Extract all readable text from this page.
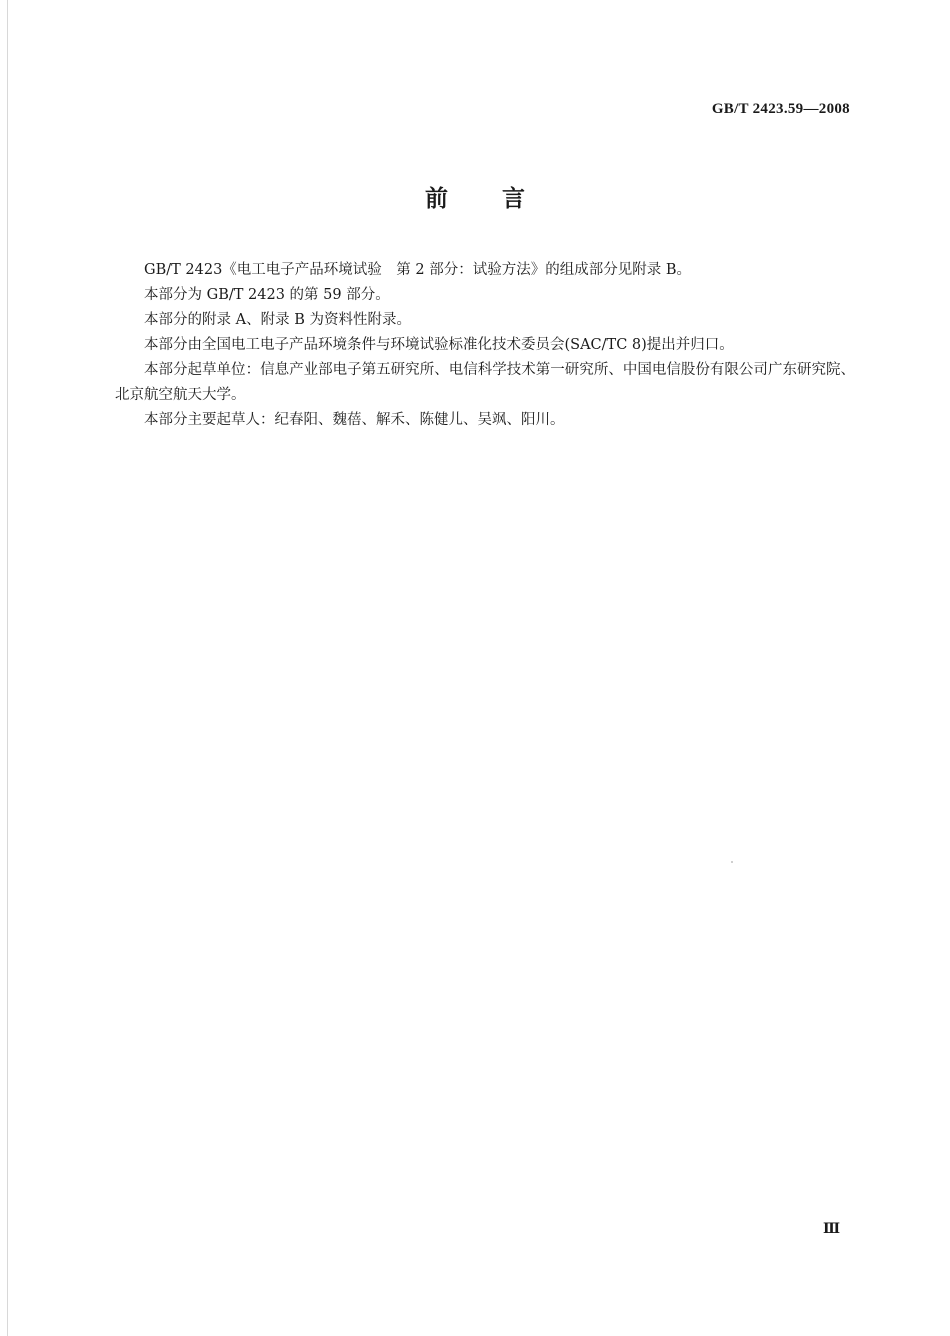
GB/T 2423.59—2008
前言

GB/T 2423《电工电子产品环境试验　第 2 部分：试验方法》的组成部分见附录 B。

本部分为 GB/T 2423 的第 59 部分。

本部分的附录 A、附录 B 为资料性附录。

本部分由全国电工电子产品环境条件与环境试验标准化技术委员会(SAC/TC 8)提出并归口。

本部分起草单位：信息产业部电子第五研究所、电信科学技术第一研究所、中国电信股份有限公司广东研究院、北京航空航天大学。

本部分主要起草人：纪春阳、魏蓓、解禾、陈健儿、吴飒、阳川。

Ⅲ
